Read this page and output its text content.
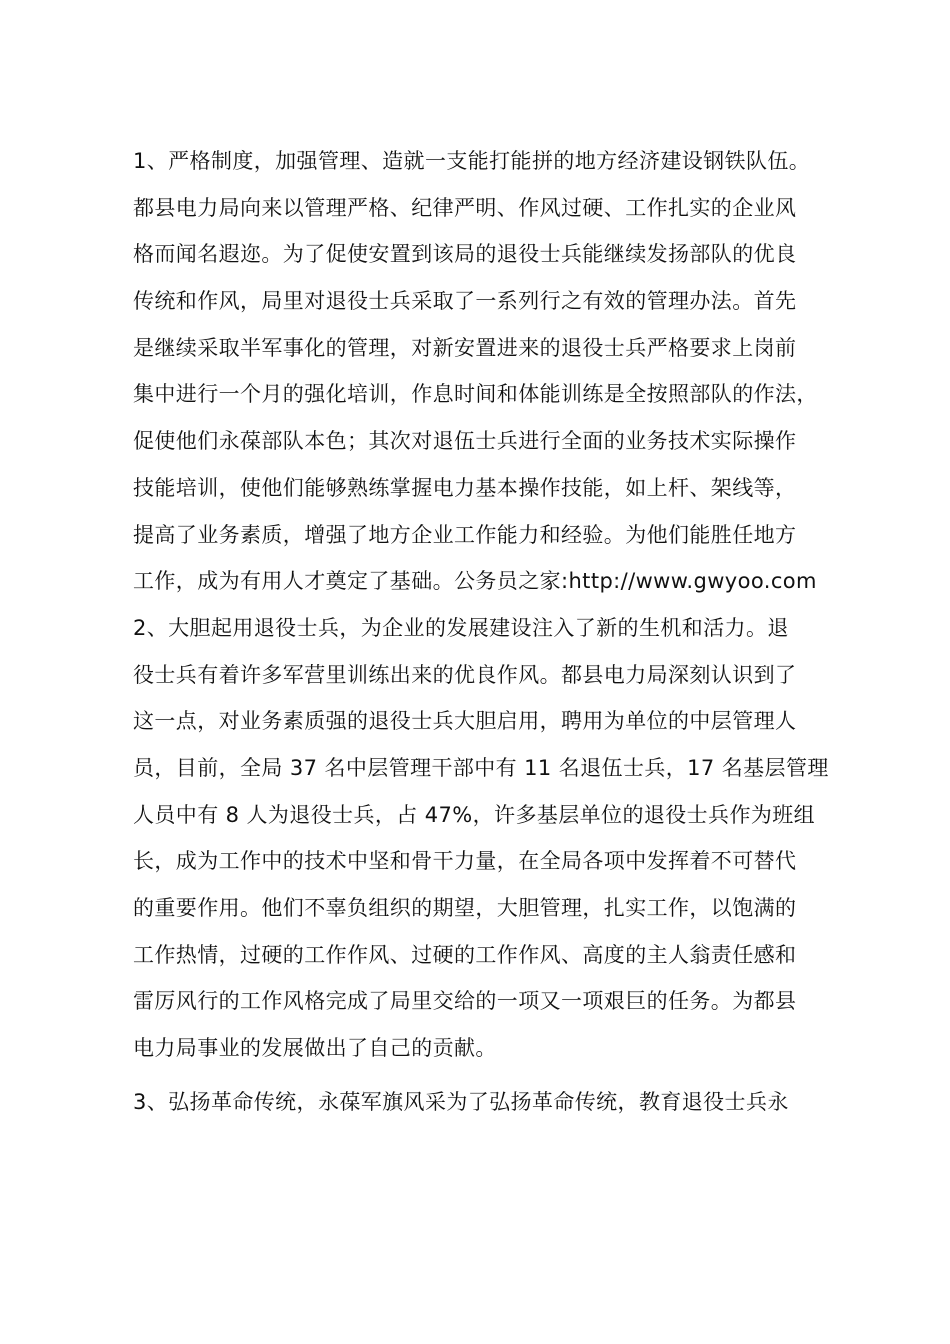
1、严格制度，加强管理、造就一支能打能拼的地方经济建设钢铁队伍。
都县电力局向来以管理严格、纪律严明、作风过硬、工作扎实的企业风
格而闻名遐迩。为了促使安置到该局的退役士兵能继续发扬部队的优良
传统和作风，局里对退役士兵采取了一系列行之有效的管理办法。首先
是继续采取半军事化的管理，对新安置进来的退役士兵严格要求上岗前
集中进行一个月的强化培训，作息时间和体能训练是全按照部队的作法，
促使他们永葆部队本色；其次对退伍士兵进行全面的业务技术实际操作
技能培训，使他们能够熟练掌握电力基本操作技能，如上杆、架线等，
提高了业务素质，增强了地方企业工作能力和经验。为他们能胜任地方
工作，成为有用人才奠定了基础。公务员之家:http://www.gwyoo.com
2、大胆起用退役士兵，为企业的发展建设注入了新的生机和活力。退
役士兵有着许多军营里训练出来的优良作风。都县电力局深刻认识到了
这一点，对业务素质强的退役士兵大胆启用，聘用为单位的中层管理人
员，目前，全局 37 名中层管理干部中有 11 名退伍士兵，17 名基层管理
人员中有 8 人为退役士兵，占 47%，许多基层单位的退役士兵作为班组
长，成为工作中的技术中坚和骨干力量，在全局各项中发挥着不可替代
的重要作用。他们不辜负组织的期望，大胆管理，扎实工作，以饱满的
工作热情，过硬的工作作风、过硬的工作作风、高度的主人翁责任感和
雷厉风行的工作风格完成了局里交给的一项又一项艰巨的任务。为都县
电力局事业的发展做出了自己的贡献。
3、弘扬革命传统，永葆军旗风采为了弘扬革命传统，教育退役士兵永
